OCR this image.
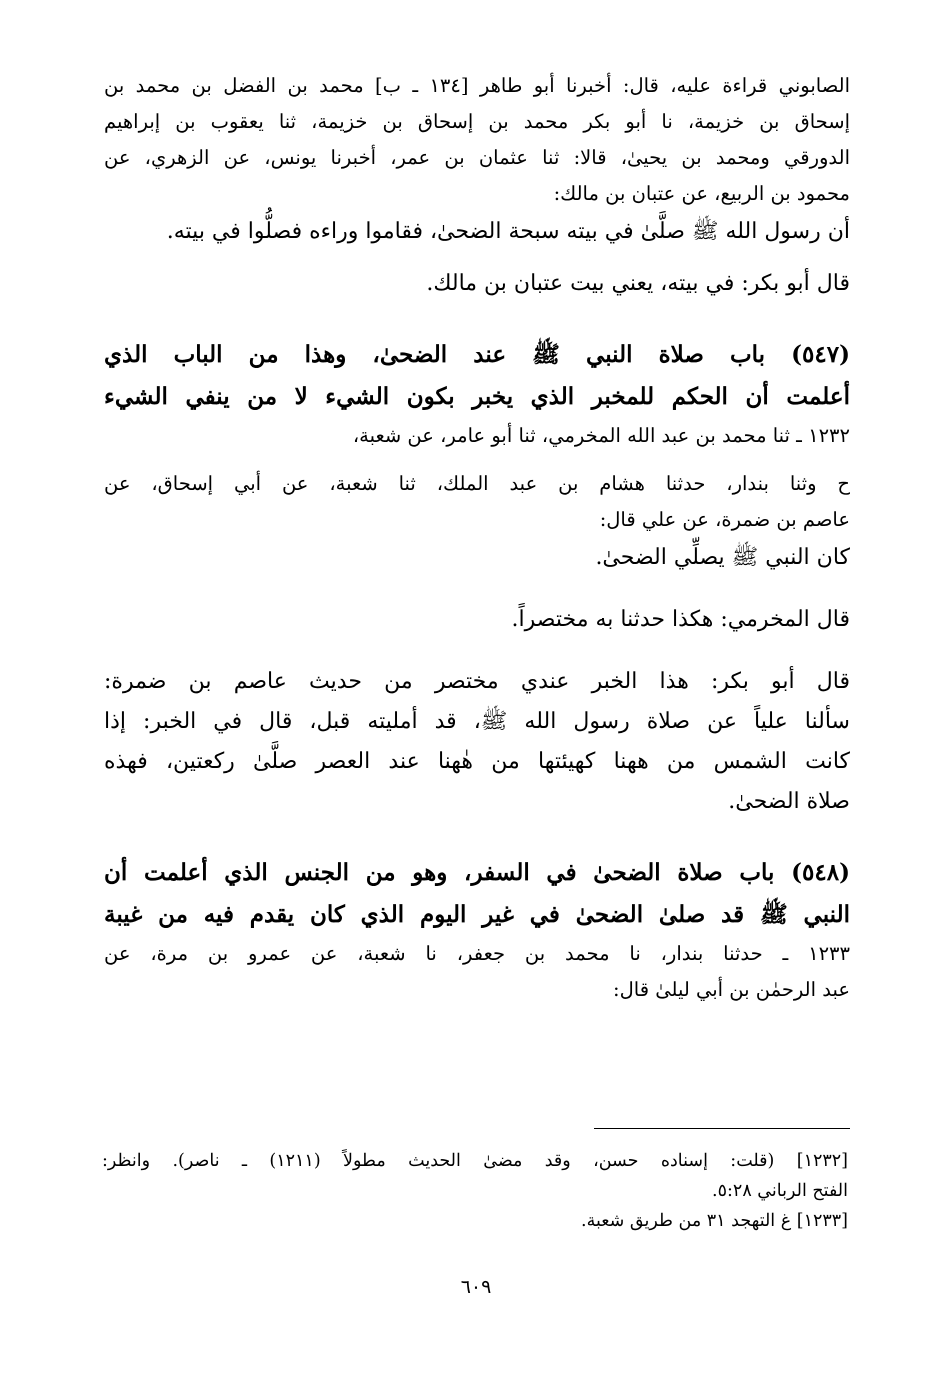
الصابوني قراءة عليه، قال: أخبرنا أبو طاهر [١٣٤ ـ ب] محمد بن الفضل بن محمد بن
إسحاق بن خزيمة، نا أبو بكر محمد بن إسحاق بن خزيمة، ثنا يعقوب بن إبراهيم
الدورقي ومحمد بن يحيىٰ، قالا: ثنا عثمان بن عمر، أخبرنا يونس، عن الزهري، عن
محمود بن الربيع، عن عتبان بن مالك:
أن رسول الله ﷺ صلَّىٰ في بيته سبحة الضحىٰ، فقاموا وراءه فصلُّوا في بيته.
قال أبو بكر: في بيته، يعني بيت عتبان بن مالك.
(٥٤٧) باب صلاة النبي ﷺ عند الضحىٰ، وهذا من الباب الذي
أعلمت أن الحكم للمخبر الذي يخبر بكون الشيء لا من ينفي الشيء
١٢٣٢ ـ ثنا محمد بن عبد الله المخرمي، ثنا أبو عامر، عن شعبة،
ح وثنا بندار، حدثنا هشام بن عبد الملك، ثنا شعبة، عن أبي إسحاق، عن
عاصم بن ضمرة، عن علي قال:
كان النبي ﷺ يصلِّي الضحىٰ.
قال المخرمي: هكذا حدثنا به مختصراً.
قال أبو بكر: هذا الخبر عندي مختصر من حديث عاصم بن ضمرة:
سألنا علياً عن صلاة رسول الله ﷺ، قد أمليته قبل، قال في الخبر: إذا
كانت الشمس من ههنا كهيئتها من هٰهنا عند العصر صلَّىٰ ركعتين، فهذه
صلاة الضحىٰ.
(٥٤٨) باب صلاة الضحىٰ في السفر، وهو من الجنس الذي أعلمت أن
النبي ﷺ قد صلىٰ الضحىٰ في غير اليوم الذي كان يقدم فيه من غيبة
١٢٣٣ ـ حدثنا بندار، نا محمد بن جعفر، نا شعبة، عن عمرو بن مرة، عن
عبد الرحمٰن بن أبي ليلىٰ قال:
[١٢٣٢] (قلت: إسناده حسن، وقد مضىٰ الحديث مطولاً (١٢١١) ـ ناصر). وانظر:
الفتح الرباني ٥:٢٨.
[١٢٣٣] غ التهجد ٣١ من طريق شعبة.
٦٠٩
